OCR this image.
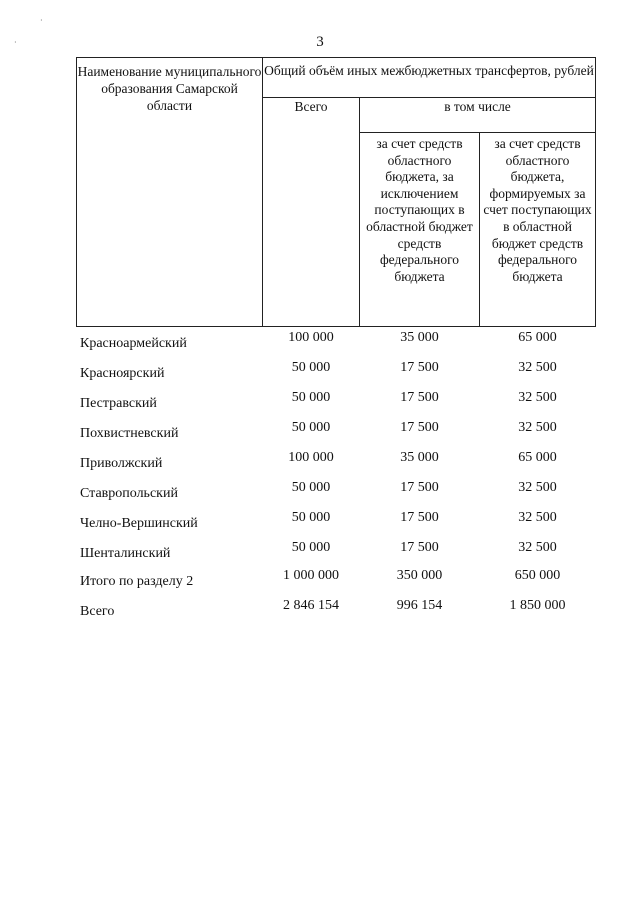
·
·	3
Наименование муниципального образования Самарской области
Общий объём иных межбюджетных трансфертов, рублей
Всего	в том числе
за счет средств областного бюджета, за исключением поступающих в областной бюджет средств федерального бюджета
за счет средств областного бюджета, формируемых за счет поступающих в областной бюджет средств федерального бюджета
Красноармейский	100 000	35 000	65 000
Красноярский	50 000	17 500	32 500
Пестравский	50 000	17 500	32 500
Похвистневский	50 000	17 500	32 500
Приволжский	100 000	35 000	65 000
Ставропольский	50 000	17 500	32 500
Челно-Вершинский	50 000	17 500	32 500
Шенталинский	50 000	17 500	32 500
Итого по разделу 2	1 000 000	350 000	650 000
Всего	2 846 154	996 154	1 850 000
